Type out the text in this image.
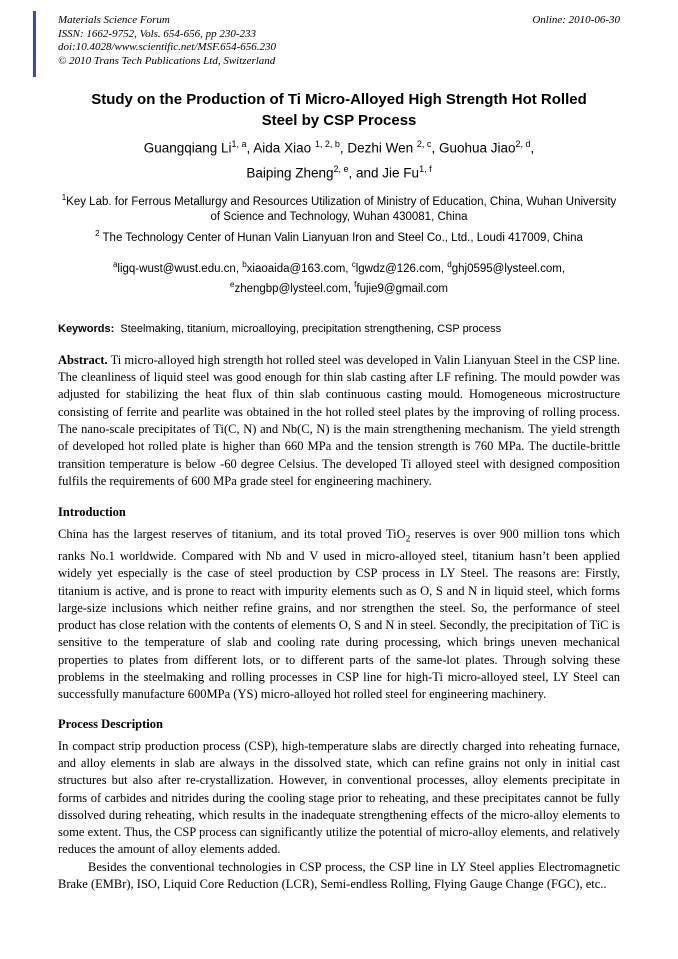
Materials Science Forum
ISSN: 1662-9752, Vols. 654-656, pp 230-233
doi:10.4028/www.scientific.net/MSF.654-656.230
© 2010 Trans Tech Publications Ltd, Switzerland
Online: 2010-06-30
Study on the Production of Ti Micro-Alloyed High Strength Hot Rolled
Steel by CSP Process
Guangqiang Li$^{1, a}$, Aida Xiao $^{1, 2, b}$, Dezhi Wen $^{2, c}$, Guohua Jiao$^{2, d}$,
Baiping Zheng$^{2, e}$, and Jie Fu$^{1, f}$
$^1$Key Lab. for Ferrous Metallurgy and Resources Utilization of Ministry of Education, China, Wuhan University of Science and Technology, Wuhan 430081, China
$^2$ The Technology Center of Hunan Valin Lianyuan Iron and Steel Co., Ltd., Loudi 417009, China
$^a$ligq-wust@wust.edu.cn, $^b$xiaoaida@163.com, $^c$lgwdz@126.com, $^d$ghj0595@lysteel.com,
$^e$zhengbp@lysteel.com, $^f$fujie9@gmail.com
Keywords: Steelmaking, titanium, microalloying, precipitation strengthening, CSP process

Abstract. Ti micro-alloyed high strength hot rolled steel was developed in Valin Lianyuan Steel in the CSP line. The cleanliness of liquid steel was good enough for thin slab casting after LF refining. The mould powder was adjusted for stabilizing the heat flux of thin slab continuous casting mould. Homogeneous microstructure consisting of ferrite and pearlite was obtained in the hot rolled steel plates by the improving of rolling process. The nano-scale precipitates of Ti(C, N) and Nb(C, N) is the main strengthening mechanism. The yield strength of developed hot rolled plate is higher than 660 MPa and the tension strength is 760 MPa. The ductile-brittle transition temperature is below -60 degree Celsius. The developed Ti alloyed steel with designed composition fulfils the requirements of 600 MPa grade steel for engineering machinery.

Introduction

China has the largest reserves of titanium, and its total proved TiO$_2$ reserves is over 900 million tons which ranks No.1 worldwide. Compared with Nb and V used in micro-alloyed steel, titanium hasn’t been applied widely yet especially is the case of steel production by CSP process in LY Steel. The reasons are: Firstly, titanium is active, and is prone to react with impurity elements such as O, S and N in liquid steel, which forms large-size inclusions which neither refine grains, and nor strengthen the steel. So, the performance of steel product has close relation with the contents of elements O, S and N in steel. Secondly, the precipitation of TiC is sensitive to the temperature of slab and cooling rate during processing, which brings uneven mechanical properties to plates from different lots, or to different parts of the same-lot plates. Through solving these problems in the steelmaking and rolling processes in CSP line for high-Ti micro-alloyed steel, LY Steel can successfully manufacture 600MPa (YS) micro-alloyed hot rolled steel for engineering machinery.

Process Description

In compact strip production process (CSP), high-temperature slabs are directly charged into reheating furnace, and alloy elements in slab are always in the dissolved state, which can refine grains not only in initial cast structures but also after re-crystallization. However, in conventional processes, alloy elements precipitate in forms of carbides and nitrides during the cooling stage prior to reheating, and these precipitates cannot be fully dissolved during reheating, which results in the inadequate strengthening effects of the micro-alloy elements to some extent. Thus, the CSP process can significantly utilize the potential of micro-alloy elements, and relatively reduces the amount of alloy elements added.

Besides the conventional technologies in CSP process, the CSP line in LY Steel applies Electromagnetic Brake (EMBr), ISO, Liquid Core Reduction (LCR), Semi-endless Rolling, Flying Gauge Change (FGC), etc..
